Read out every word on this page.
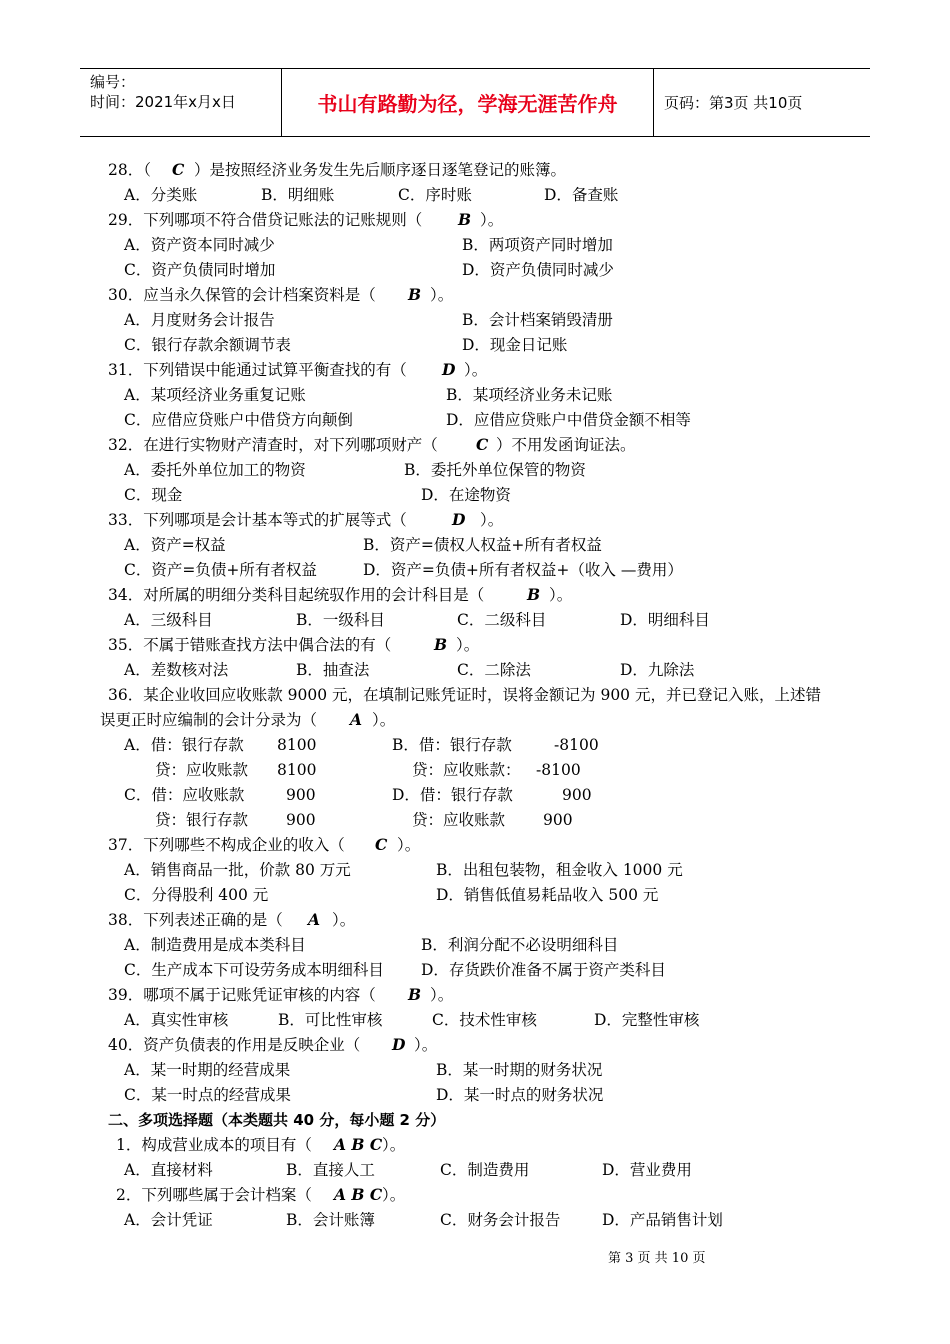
编号：
时间：2021年x月x日	书山有路勤为径，学海无涯苦作舟	页码：第3页 共10页
28．（ C ）是按照经济业务发生先后顺序逐日逐笔登记的账簿。
A．分类账	B．明细账	C．序时账	D．备查账
29．下列哪项不符合借贷记账法的记账规则（ B ）。
A．资产资本同时减少	B．两项资产同时增加
C．资产负债同时增加	D．资产负债同时减少
30．应当永久保管的会计档案资料是（ B ）。
A．月度财务会计报告	B．会计档案销毁清册
C．银行存款余额调节表	D．现金日记账
31．下列错误中能通过试算平衡查找的有（ D ）。
A．某项经济业务重复记账	B．某项经济业务未记账
C．应借应贷账户中借贷方向颠倒	D．应借应贷账户中借贷金额不相等
32．在进行实物财产清查时，对下列哪项财产（ C ）不用发函询证法。
A．委托外单位加工的物资	B．委托外单位保管的物资
C．现金	D．在途物资
33．下列哪项是会计基本等式的扩展等式（	D ）。
A．资产=权益	B．资产=债权人权益+所有者权益
C．资产=负债+所有者权益	D．资产=负债+所有者权益+（收入 —费用）
34．对所属的明细分类科目起统驭作用的会计科目是（	B ）。
A．三级科目	B．一级科目	C．二级科目	D．明细科目
35．不属于错账查找方法中偶合法的有（	B ）。
A．差数核对法	B．抽查法	C．二除法	D．九除法
36．某企业收回应收账款 9000 元，在填制记账凭证时，误将金额记为 900 元，并已登记入账，上述错
误更正时应编制的会计分录为（ A ）。
A．借：银行存款 8100	B．借：银行存款	-8100
贷：应收账款 8100	贷：应收账款： -8100
C．借：应收账款	900	D．借：银行存款	900
贷：银行存款 900	贷：应收账款 900
37．下列哪些不构成企业的收入（ C ）。
A．销售商品一批，价款 80 万元	B．出租包装物，租金收入 1000 元
C．分得股利 400 元	D．销售低值易耗品收入 500 元
38．下列表述正确的是（ A ）。
A．制造费用是成本类科目	B．利润分配不必设明细科目
C．生产成本下可设劳务成本明细科目 D．存货跌价准备不属于资产类科目
39．哪项不属于记账凭证审核的内容（ B ）。
A．真实性审核	B．可比性审核	C．技术性审核	D．完整性审核
40．资产负债表的作用是反映企业（ D ）。
A．某一时期的经营成果	B．某一时期的财务状况
C．某一时点的经营成果	D．某一时点的财务状况
二、多项选择题（本类题共 40 分，每小题 2 分）
1．构成营业成本的项目有（ A B C ）。
A．直接材料	B．直接人工	C．制造费用	D．营业费用
2．下列哪些属于会计档案（ A B C ）。
A．会计凭证	B．会计账簿	C．财务会计报告	D．产品销售计划
第 3 页 共 10 页
